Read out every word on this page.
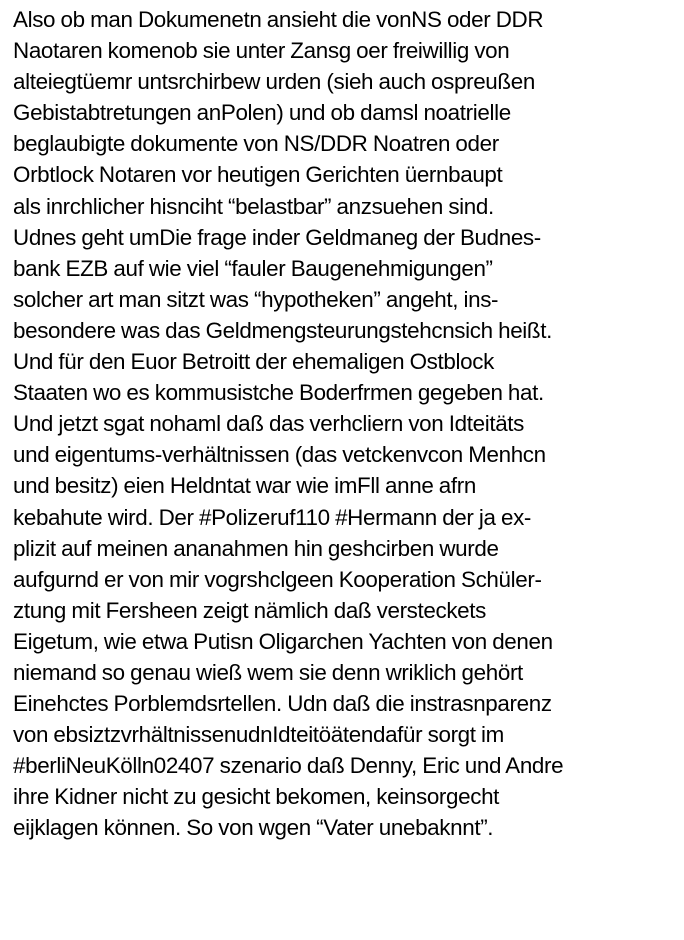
Also ob man Dokumenetn ansieht die vonNS oder DDR
Naotaren komenob sie unter Zansg oer freiwillig von
alteiegtüemr untsrchirbew urden (sieh auch ospreußen
Gebistabtretungen anPolen) und ob damsl noatrielle
beglaubigte dokumente von NS/DDR Noatren oder
Orbtlock Notaren vor heutigen Gerichten üernbaupt
als inrchlicher hisnciht “belastbar” anzsuehen sind.
Udnes geht umDie frage inder Geldmaneg der Budnes-
bank EZB auf wie viel “fauler Baugenehmigungen”
solcher art man sitzt was “hypotheken” angeht, ins-
besondere was das Geldmengsteurungstehcnsich heißt.
Und für den Euor Betroitt der ehemaligen Ostblock
Staaten wo es kommusistche Boderfrmen gegeben hat.
Und jetzt sgat nohaml daß das verhcliern von Idteitäts
und eigentums-verhältnissen (das vetckenvcon Menhcn
und besitz) eien Heldntat war wie imFll anne afrn
kebahute wird. Der #Polizeruf110 #Hermann der ja ex-
plizit auf meinen ananahmen hin geshcirben wurde
aufgurnd er von mir vogrshclgeen Kooperation Schüler-
ztung mit Fersheen zeigt nämlich daß versteckets
Eigetum, wie etwa Putisn Oligarchen Yachten von denen
niemand so genau wieß wem sie denn wriklich gehört
Einehctes Porblemdsrtellen. Udn daß die instrasnparenz
von ebsiztzvrhältnissenudnIdteitöätendafür sorgt im
#berliNeuKölln02407 szenario daß Denny, Eric und Andre
ihre Kidner nicht zu gesicht bekomen, keinsorgecht
eijklagen können. So von wgen “Vater unebaknnt”.
